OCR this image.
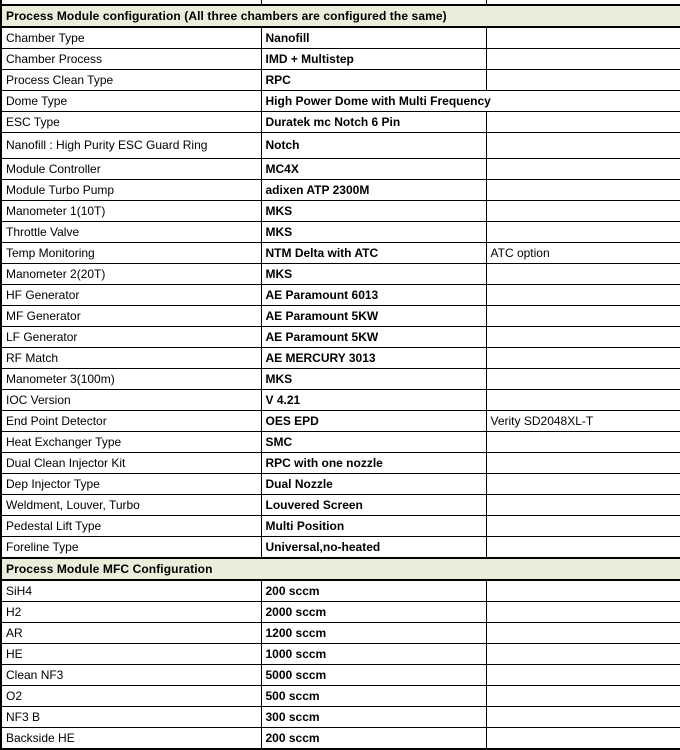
Process Module configuration (All three chambers are configured the same)		
Chamber Type	Nanofill	
Chamber Process	IMD + Multistep	
Process Clean Type	RPC	
Dome Type	High Power Dome with Multi Frequency	
ESC Type	Duratek mc Notch 6 Pin	
Nanofill : High Purity ESC Guard Ring	Notch	
Module Controller	MC4X	
Module Turbo Pump	adixen ATP 2300M	
Manometer 1(10T)	MKS	
Throttle Valve	MKS	
Temp Monitoring	NTM Delta with ATC	ATC option
Manometer 2(20T)	MKS	
HF Generator	AE Paramount 6013	
MF Generator	AE Paramount 5KW	
LF Generator	AE Paramount 5KW	
RF Match	AE MERCURY 3013	
Manometer 3(100m)	MKS	
IOC Version	V 4.21	
End Point Detector	OES EPD	Verity SD2048XL-T
Heat Exchanger Type	SMC	
Dual Clean Injector Kit	RPC with one nozzle	
Dep Injector Type	Dual Nozzle	
Weldment, Louver, Turbo	Louvered Screen	
Pedestal Lift Type	Multi Position	
Foreline Type	Universal,no-heated	
Process Module MFC Configuration		
SiH4	200 sccm	
H2	2000 sccm	
AR	1200 sccm	
HE	1000 sccm	
Clean NF3	5000 sccm	
O2	500 sccm	
NF3 B	300 sccm	
Backside HE	200 sccm	
